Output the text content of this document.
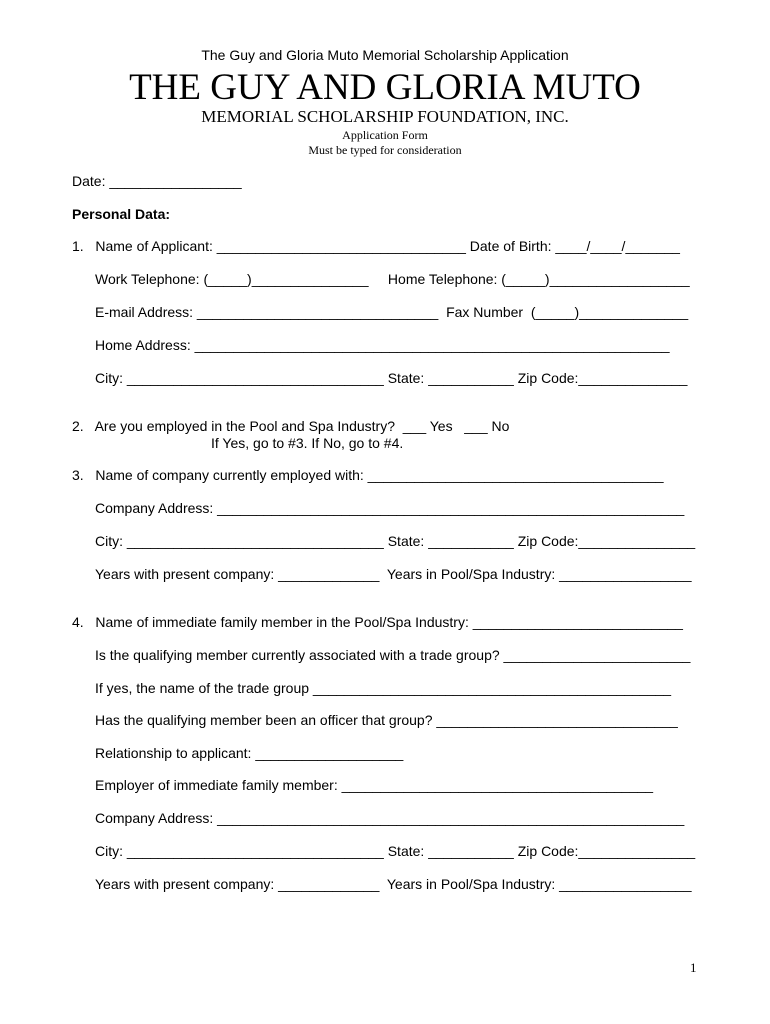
The Guy and Gloria Muto Memorial Scholarship Application
THE GUY AND GLORIA MUTO
MEMORIAL SCHOLARSHIP FOUNDATION, INC.
Application Form
Must be typed for consideration
Date: _________________
Personal Data:
1.   Name of Applicant: ________________________________ Date of Birth: ____/____/_______
Work Telephone: (_____)_______________     Home Telephone: (_____)__________________
E-mail Address: _______________________________  Fax Number  (_____)______________
Home Address: _____________________________________________________________
City: _________________________________ State: ___________ Zip Code:______________
2.   Are you employed in the Pool and Spa Industry?  ___ Yes   ___ No
If Yes, go to #3. If No, go to #4.
3.   Name of company currently employed with: ______________________________________
Company Address: ____________________________________________________________
City: _________________________________ State: ___________ Zip Code:_______________
Years with present company: _____________  Years in Pool/Spa Industry: _________________
4.   Name of immediate family member in the Pool/Spa Industry: ___________________________
Is the qualifying member currently associated with a trade group? ________________________
If yes, the name of the trade group ______________________________________________
Has the qualifying member been an officer that group? _______________________________
Relationship to applicant: ___________________
Employer of immediate family member: ________________________________________
Company Address: ____________________________________________________________
City: _________________________________ State: ___________ Zip Code:_______________
Years with present company: _____________  Years in Pool/Spa Industry: _________________
1
